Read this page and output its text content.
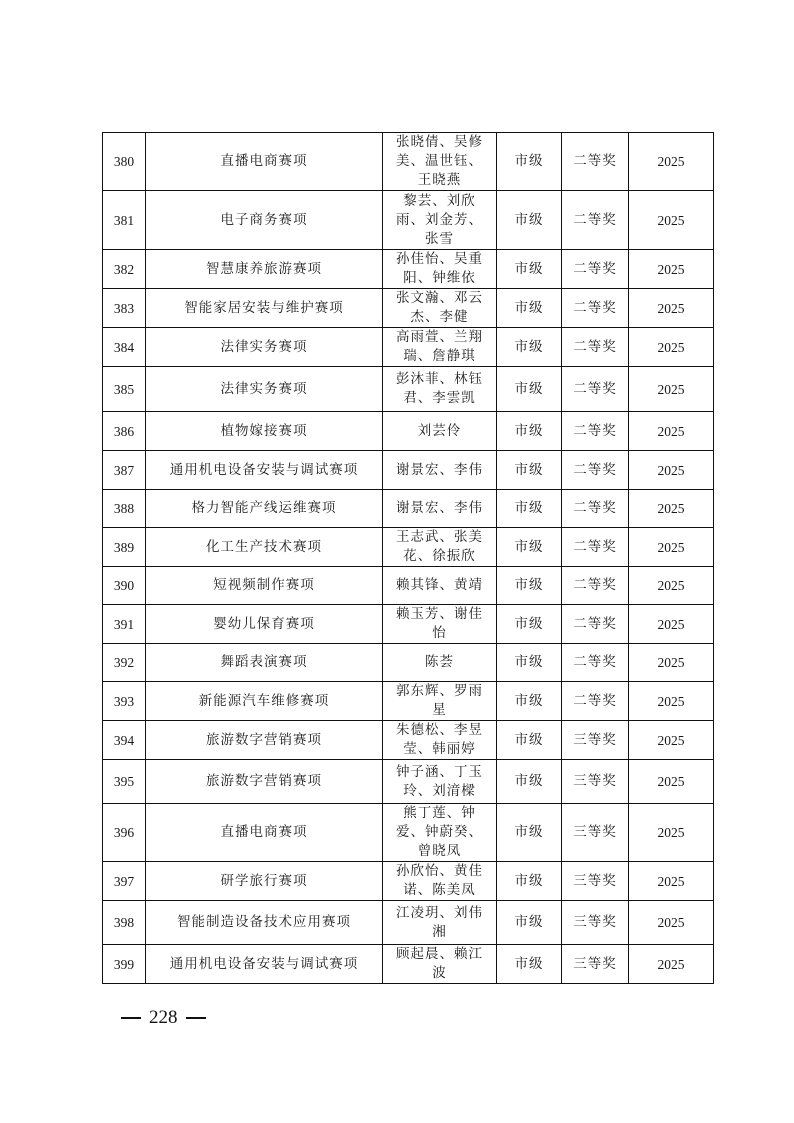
380	直播电商赛项	张晓倩、吴修美、温世钰、王晓燕	市级	二等奖	2025
381	电子商务赛项	黎芸、刘欣雨、刘金芳、张雪	市级	二等奖	2025
382	智慧康养旅游赛项	孙佳怡、吴重阳、钟维依	市级	二等奖	2025
383	智能家居安装与维护赛项	张文瀚、邓云杰、李健	市级	二等奖	2025
384	法律实务赛项	高雨萱、兰翔瑞、詹静琪	市级	二等奖	2025
385	法律实务赛项	彭沐菲、林钰君、李雲凯	市级	二等奖	2025
386	植物嫁接赛项	刘芸伶	市级	二等奖	2025
387	通用机电设备安装与调试赛项	谢景宏、李伟	市级	二等奖	2025
388	格力智能产线运维赛项	谢景宏、李伟	市级	二等奖	2025
389	化工生产技术赛项	王志武、张美花、徐振欣	市级	二等奖	2025
390	短视频制作赛项	赖其锋、黄靖	市级	二等奖	2025
391	婴幼儿保育赛项	赖玉芳、谢佳怡	市级	二等奖	2025
392	舞蹈表演赛项	陈荟	市级	二等奖	2025
393	新能源汽车维修赛项	郭东辉、罗雨星	市级	二等奖	2025
394	旅游数字营销赛项	朱德松、李昱莹、韩丽婷	市级	三等奖	2025
395	旅游数字营销赛项	钟子涵、丁玉玲、刘湇樑	市级	三等奖	2025
396	直播电商赛项	熊丁莲、钟爱、钟蔚癸、曾晓凤	市级	三等奖	2025
397	研学旅行赛项	孙欣怡、黄佳诺、陈美凤	市级	三等奖	2025
398	智能制造设备技术应用赛项	江凌玥、刘伟湘	市级	三等奖	2025
399	通用机电设备安装与调试赛项	顾起晨、赖江波	市级	三等奖	2025
228
